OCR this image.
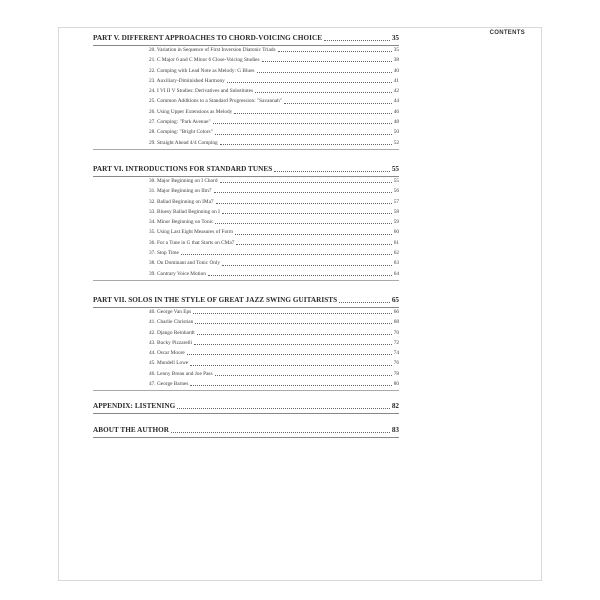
CONTENTS
PART V. DIFFERENT APPROACHES TO CHORD-VOICING CHOICE	35
20. Variation in Sequence of First Inversion Diatonic Triads	35
21. C Major 6 and C Minor 6 Close-Voicing Studies	38
22. Comping with Lead Note as Melody: G Blues	40
23. Auxiliary-Diminished Harmony	41
24. I VI II V Studies: Derivatives and Substitutes	42
25. Common Additions to a Standard Progression: "Savannah"	44
26. Using Upper Extensions as Melody	46
27. Comping: "Park Avenue"	48
28. Comping: "Bright Colors"	50
29. Straight Ahead 4/4 Comping	52
PART VI. INTRODUCTIONS FOR STANDARD TUNES	55
30. Major Beginning on I Chord	55
31. Major Beginning on IIm7	56
32. Ballad Beginning on IMa7	57
33. Bluesy Ballad Beginning on I	58
34. Minor Beginning on Tonic	59
35. Using Last Eight Measures of Form	60
36. For a Tune in G that Starts on CMa7	61
37. Stop Time	62
38. On Dominant and Tonic Only	63
39. Contrary Voice Motion	64
PART VII. SOLOS IN THE STYLE OF GREAT JAZZ SWING GUITARISTS	65
40. George Van Eps	66
41. Charlie Christian	68
42. Django Reinhardt	70
43. Bucky Pizzarelli	72
44. Oscar Moore	74
45. Mundell Lowe	76
46. Lenny Breau and Joe Pass	78
47. George Barnes	80
APPENDIX: LISTENING	82
ABOUT THE AUTHOR	83
